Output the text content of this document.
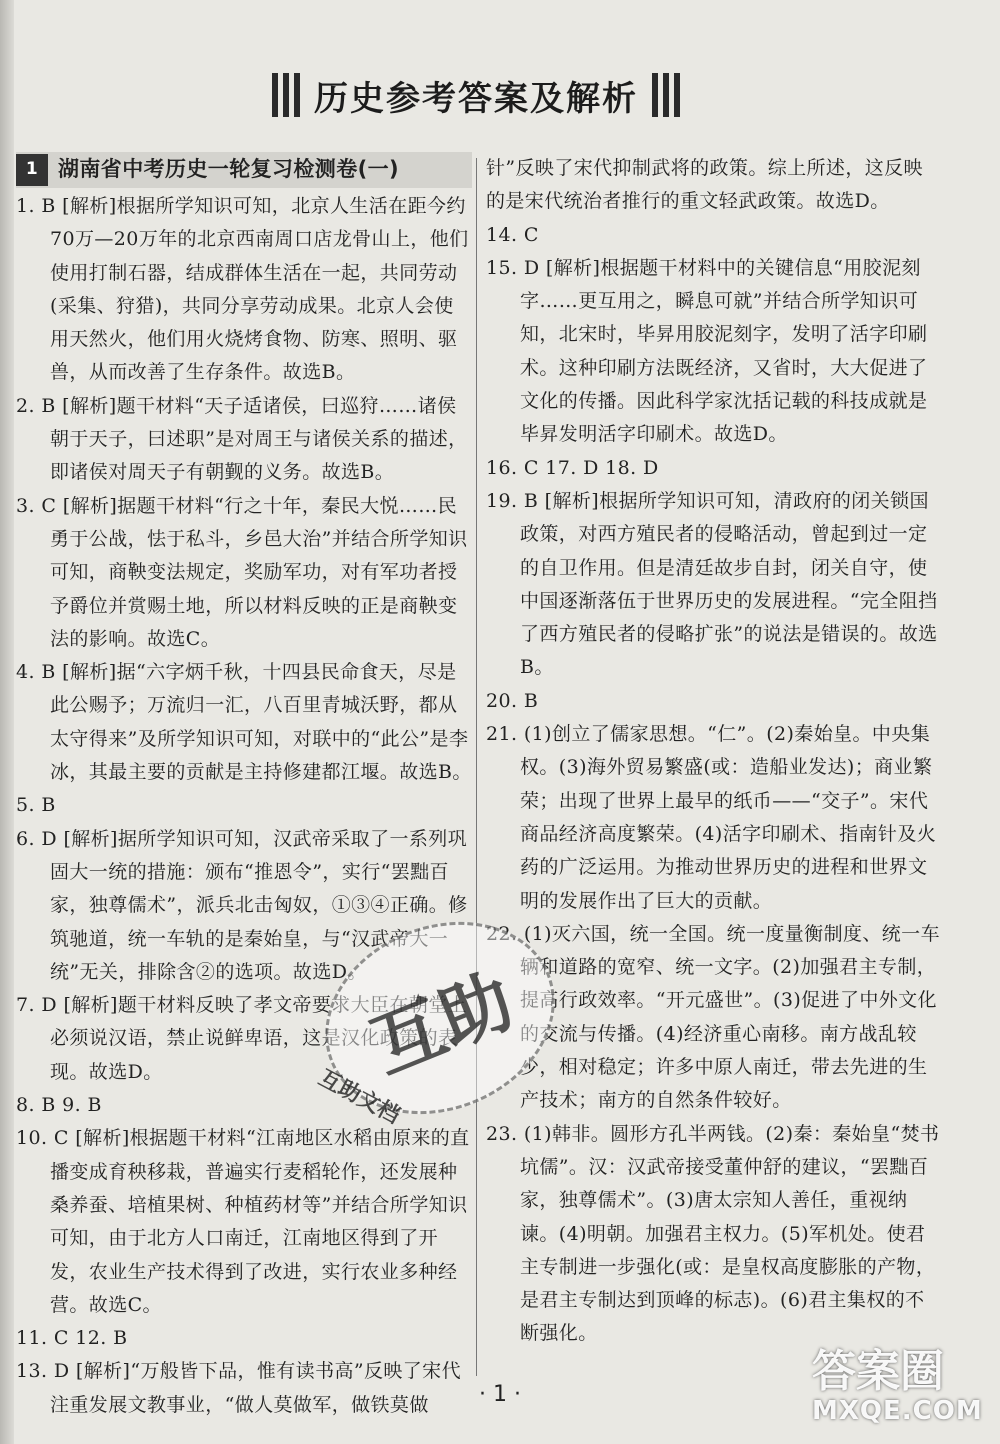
历史参考答案及解析
1 湖南省中考历史一轮复习检测卷(一)

1. B [解析]根据所学知识可知，北京人生活在距今约70万—20万年的北京西南周口店龙骨山上，他们使用打制石器，结成群体生活在一起，共同劳动(采集、狩猎)，共同分享劳动成果。北京人会使用天然火，他们用火烧烤食物、防寒、照明、驱兽，从而改善了生存条件。故选B。

2. B [解析]题干材料“天子适诸侯，曰巡狩……诸侯朝于天子，曰述职”是对周王与诸侯关系的描述，即诸侯对周天子有朝觐的义务。故选B。

3. C [解析]据题干材料“行之十年，秦民大悦……民勇于公战，怯于私斗，乡邑大治”并结合所学知识可知，商鞅变法规定，奖励军功，对有军功者授予爵位并赏赐土地，所以材料反映的正是商鞅变法的影响。故选C。

4. B [解析]据“六字炳千秋，十四县民命食天，尽是此公赐予；万流归一汇，八百里青城沃野，都从太守得来”及所学知识可知，对联中的“此公”是李冰，其最主要的贡献是主持修建都江堰。故选B。

5. B

6. D [解析]据所学知识可知，汉武帝采取了一系列巩固大一统的措施：颁布“推恩令”，实行“罢黜百家，独尊儒术”，派兵北击匈奴，①③④正确。修筑驰道，统一车轨的是秦始皇，与“汉武帝大一统”无关，排除含②的选项。故选D。

7. D [解析]题干材料反映了孝文帝要求大臣在朝堂上必须说汉语，禁止说鲜卑语，这是汉化政策的表现。故选D。

8. B 9. B

10. C [解析]根据题干材料“江南地区水稻由原来的直播变成育秧移栽，普遍实行麦稻轮作，还发展种桑养蚕、培植果树、种植药材等”并结合所学知识可知，由于北方人口南迁，江南地区得到了开发，农业生产技术得到了改进，实行农业多种经营。故选C。

11. C 12. B

13. D [解析]“万般皆下品，惟有读书高”反映了宋代注重发展文教事业，“做人莫做军，做铁莫做

针”反映了宋代抑制武将的政策。综上所述，这反映的是宋代统治者推行的重文轻武政策。故选D。

14. C

15. D [解析]根据题干材料中的关键信息“用胶泥刻字……更互用之，瞬息可就”并结合所学知识可知，北宋时，毕昇用胶泥刻字，发明了活字印刷术。这种印刷方法既经济，又省时，大大促进了文化的传播。因此科学家沈括记载的科技成就是毕昇发明活字印刷术。故选D。

16. C 17. D 18. D

19. B [解析]根据所学知识可知，清政府的闭关锁国政策，对西方殖民者的侵略活动，曾起到过一定的自卫作用。但是清廷故步自封，闭关自守，使中国逐渐落伍于世界历史的发展进程。“完全阻挡了西方殖民者的侵略扩张”的说法是错误的。故选B。

20. B

21. (1)创立了儒家思想。“仁”。(2)秦始皇。中央集权。(3)海外贸易繁盛(或：造船业发达)；商业繁荣；出现了世界上最早的纸币——“交子”。宋代商品经济高度繁荣。(4)活字印刷术、指南针及火药的广泛运用。为推动世界历史的进程和世界文明的发展作出了巨大的贡献。

22. (1)灭六国，统一全国。统一度量衡制度、统一车辆和道路的宽窄、统一文字。(2)加强君主专制，提高行政效率。“开元盛世”。(3)促进了中外文化的交流与传播。(4)经济重心南移。南方战乱较少，相对稳定；许多中原人南迁，带去先进的生产技术；南方的自然条件较好。

23. (1)韩非。圆形方孔半两钱。(2)秦：秦始皇“焚书坑儒”。汉：汉武帝接受董仲舒的建议，“罢黜百家，独尊儒术”。(3)唐太宗知人善任，重视纳谏。(4)明朝。加强君主权力。(5)军机处。使君主专制进一步强化(或：是皇权高度膨胀的产物，是君主专制达到顶峰的标志)。(6)君主集权的不断强化。

互助
互助文档
· 1 ·	答案圈
MXQE.COM
